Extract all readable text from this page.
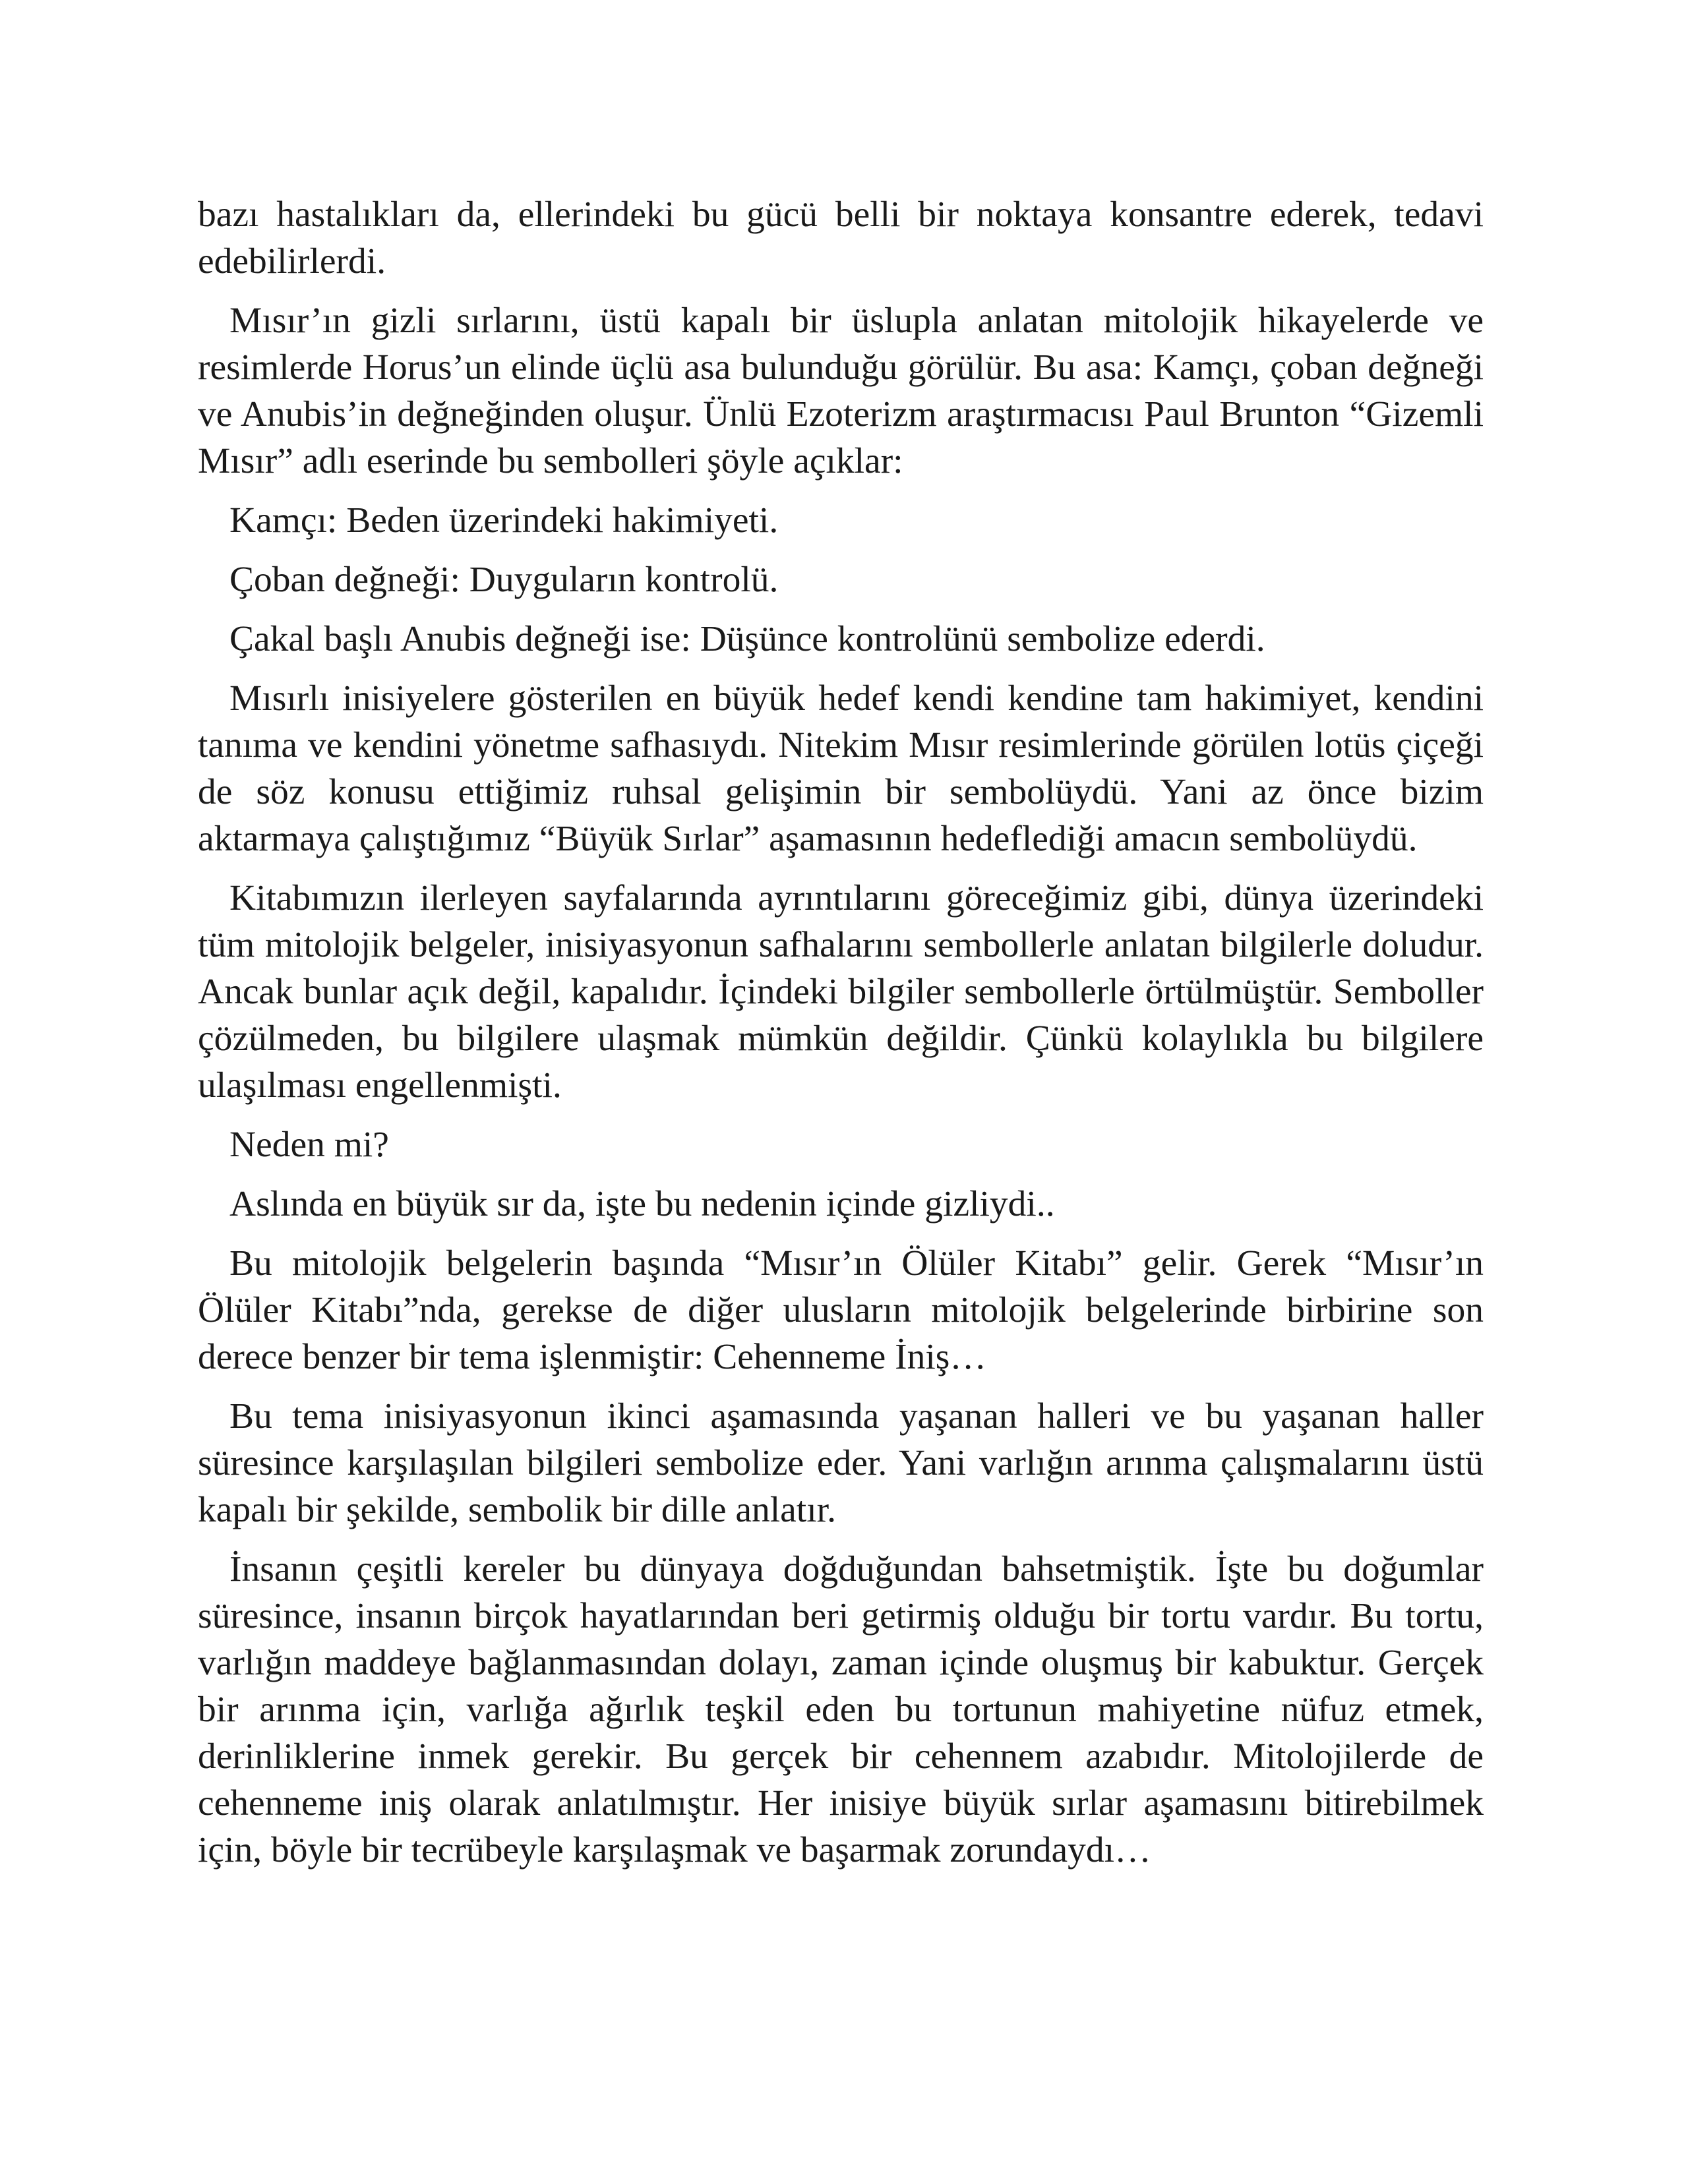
bazı hastalıkları da, ellerindeki bu gücü belli bir noktaya konsantre ederek, tedavi edebilirlerdi.

Mısır’ın gizli sırlarını, üstü kapalı bir üslupla anlatan mitolojik hikayelerde ve resimlerde Horus’un elinde üçlü asa bulunduğu görülür. Bu asa: Kamçı, çoban değneği ve Anubis’in değneğinden oluşur. Ünlü Ezoterizm araştırmacısı Paul Brunton “Gizemli Mısır” adlı eserinde bu sembolleri şöyle açıklar:

Kamçı: Beden üzerindeki hakimiyeti.

Çoban değneği: Duyguların kontrolü.

Çakal başlı Anubis değneği ise: Düşünce kontrolünü sembolize ederdi.

Mısırlı inisiyelere gösterilen en büyük hedef kendi kendine tam hakimiyet, kendini tanıma ve kendini yönetme safhasıydı. Nitekim Mısır resimlerinde görülen lotüs çiçeği de söz konusu ettiğimiz ruhsal gelişimin bir sembolüydü. Yani az önce bizim aktarmaya çalıştığımız “Büyük Sırlar” aşamasının hedeflediği amacın sembolüydü.

Kitabımızın ilerleyen sayfalarında ayrıntılarını göreceğimiz gibi, dünya üzerindeki tüm mitolojik belgeler, inisiyasyonun safhalarını sembollerle anlatan bilgilerle doludur. Ancak bunlar açık değil, kapalıdır. İçindeki bilgiler sembollerle örtülmüştür. Semboller çözülmeden, bu bilgilere ulaşmak mümkün değildir. Çünkü kolaylıkla bu bilgilere ulaşılması engellenmişti.

Neden mi?

Aslında en büyük sır da, işte bu nedenin içinde gizliydi..

Bu mitolojik belgelerin başında “Mısır’ın Ölüler Kitabı” gelir. Gerek “Mısır’ın Ölüler Kitabı”nda, gerekse de diğer ulusların mitolojik belgelerinde birbirine son derece benzer bir tema işlenmiştir: Cehenneme İniş…

Bu tema inisiyasyonun ikinci aşamasında yaşanan halleri ve bu yaşanan haller süresince karşılaşılan bilgileri sembolize eder. Yani varlığın arınma çalışmalarını üstü kapalı bir şekilde, sembolik bir dille anlatır.

İnsanın çeşitli kereler bu dünyaya doğduğundan bahsetmiştik. İşte bu doğumlar süresince, insanın birçok hayatlarından beri getirmiş olduğu bir tortu vardır. Bu tortu, varlığın maddeye bağlanmasından dolayı, zaman içinde oluşmuş bir kabuktur. Gerçek bir arınma için, varlığa ağırlık teşkil eden bu tortunun mahiyetine nüfuz etmek, derinliklerine inmek gerekir. Bu gerçek bir cehennem azabıdır. Mitolojilerde de cehenneme iniş olarak anlatılmıştır. Her inisiye büyük sırlar aşamasını bitirebilmek için, böyle bir tecrübeyle karşılaşmak ve başarmak zorundaydı…
